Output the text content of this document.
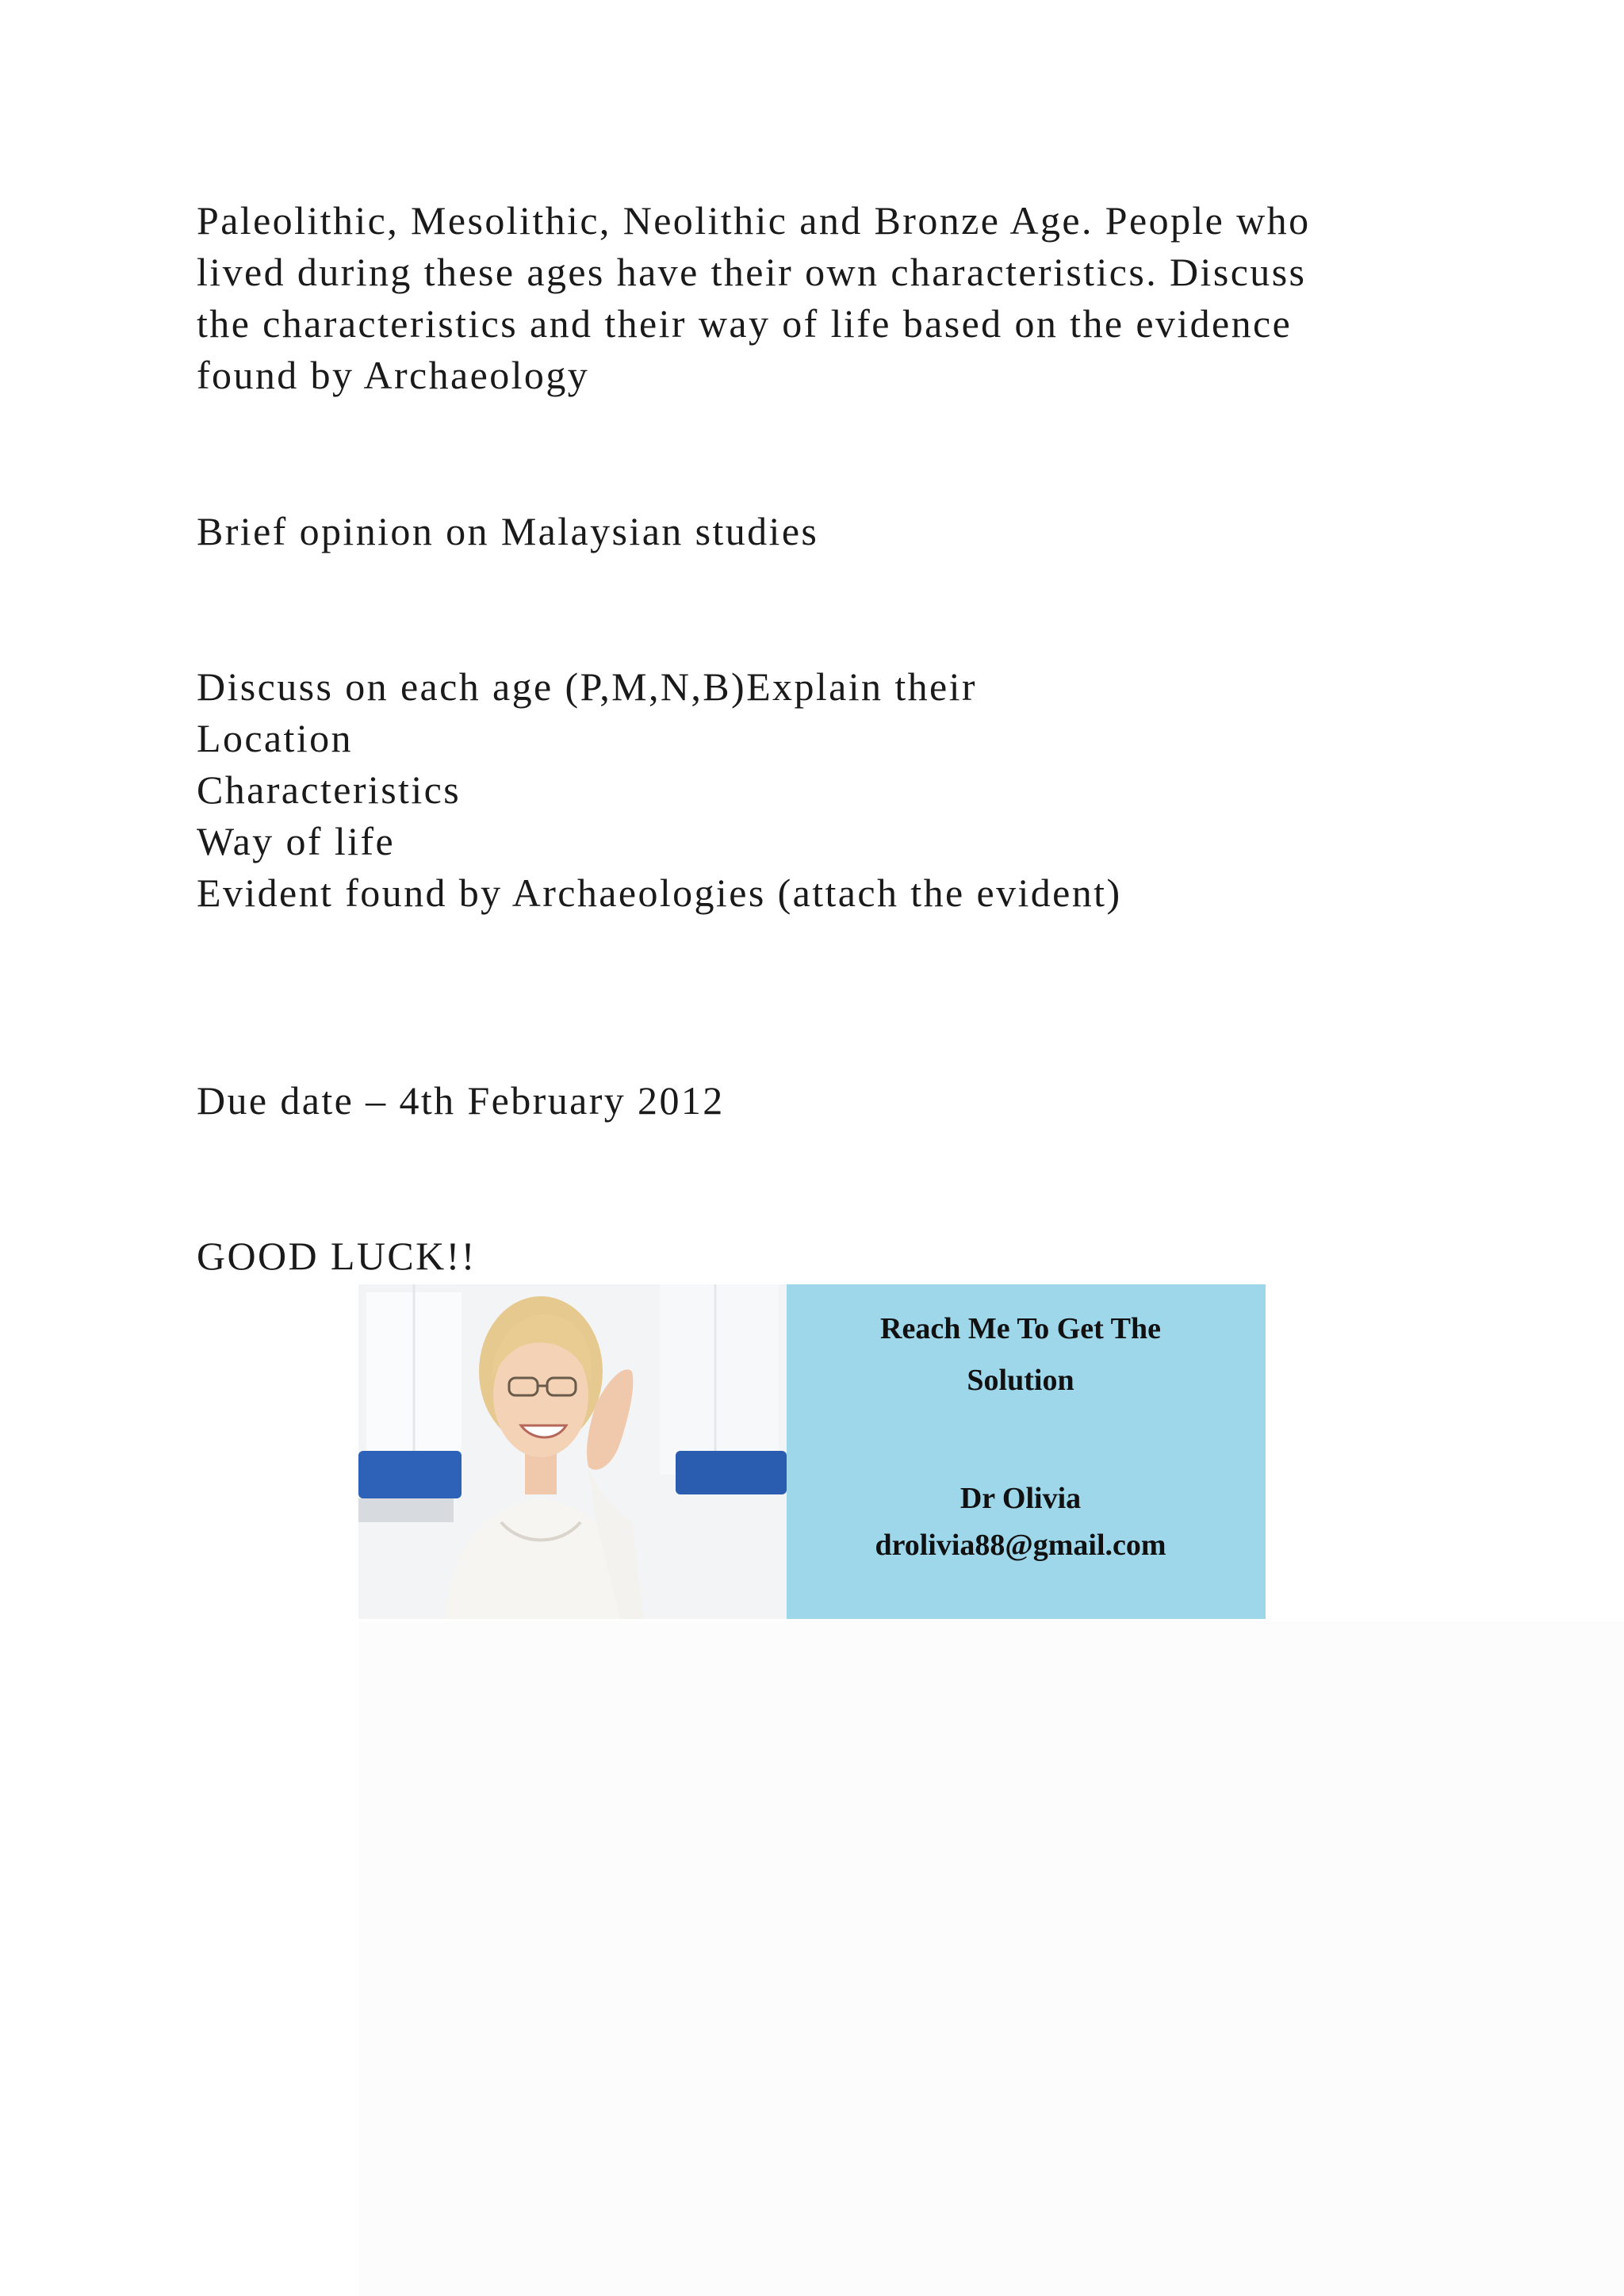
Paleolithic, Mesolithic, Neolithic and Bronze Age. People who
lived during these ages have their own characteristics. Discuss
the characteristics and their way of life based on the evidence
found by Archaeology

Brief opinion on Malaysian studies

Discuss on each age (P,M,N,B)Explain their
Location
Characteristics
Way of life
Evident found by Archaeologies (attach the evident)

Due date – 4th February 2012

GOOD LUCK!!

Reach Me To Get The
Solution
Dr Olivia
drolivia88@gmail.com
